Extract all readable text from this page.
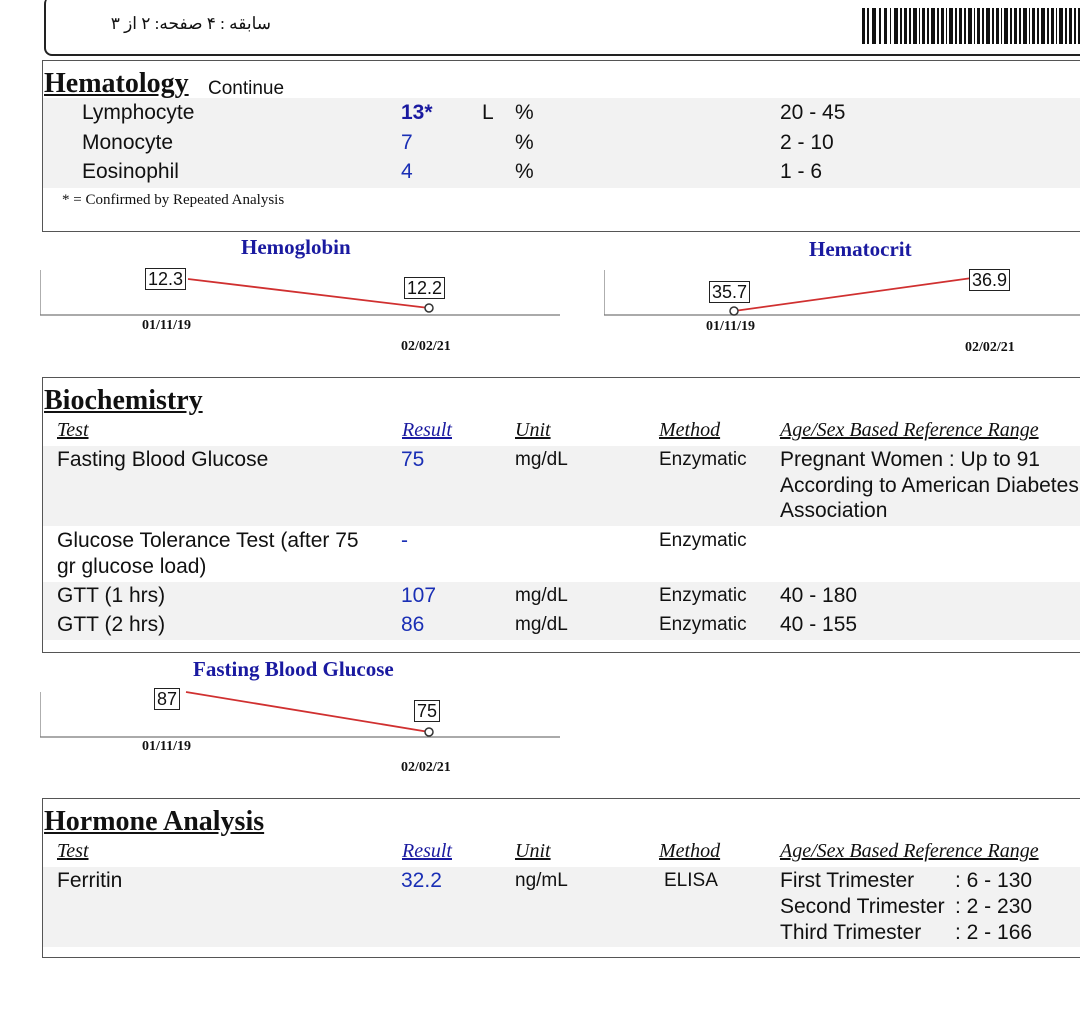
سابقه : ۴ صفحه: ۲ از ۳
Hematology Continue
Lymphocyte	13* L %	20 - 45
Monocyte	7	%	2 - 10
Eosinophil	4	%	1 - 6
* = Confirmed by Repeated Analysis
Hemoglobin
12.3	12.2
01/11/19
02/02/21
Hematocrit
35.7
36.9
01/11/19
02/02/21
Biochemistry
Test	Result	Unit	Method	Age/Sex Based Reference Range
Fasting Blood Glucose	75	mg/dL	Enzymatic Pregnant Women : Up to 91
According to American Diabetes
Association
Glucose Tolerance Test (after 75
gr glucose load)
-	Enzymatic
GTT (1 hrs)	107	mg/dL	Enzymatic 40 - 180
GTT (2 hrs)	86	mg/dL	Enzymatic 40 - 155
Fasting Blood Glucose
87
75
01/11/19
02/02/21
Hormone Analysis
Test	Result	Unit	Method	Age/Sex Based Reference Range
Ferritin	32.2	ng/mL	ELISA	First Trimester : 6 - 130
Second Trimester : 2 - 230
Third Trimester : 2 - 166
